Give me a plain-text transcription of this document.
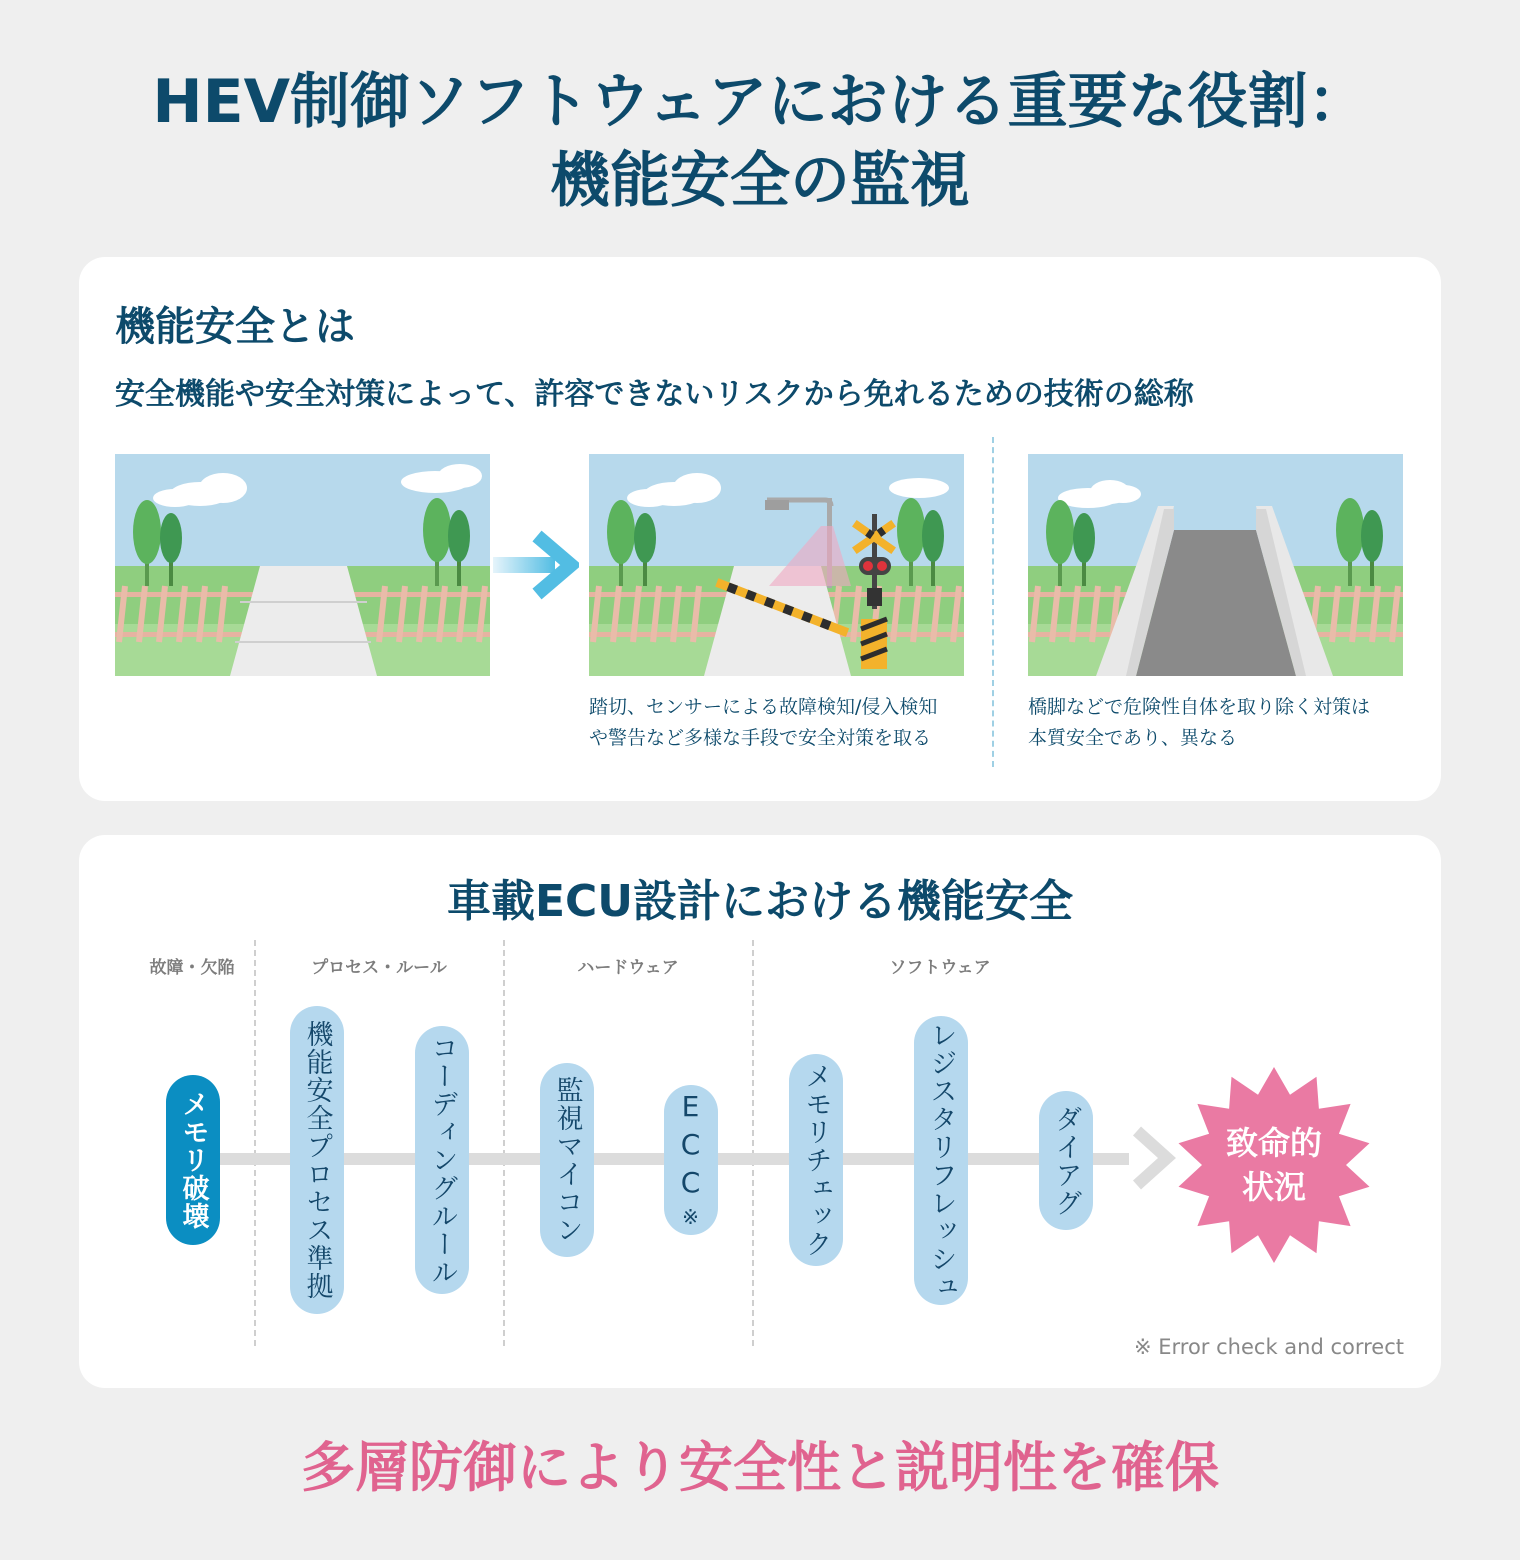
HEV制御ソフトウェアにおける重要な役割：
機能安全の監視
機能安全とは

安全機能や安全対策によって、許容できないリスクから免れるための技術の総称

踏切、センサーによる故障検知/侵入検知
や警告など多様な手段で安全対策を取る
橋脚などで危険性自体を取り除く対策は
本質安全であり、異なる
車載ECU設計における機能安全
故障・欠陥	プロセス・ルール	ハードウェア	ソフトウェア
メモリ破壊	機能安全プロセス準拠	コーディングルール	監視マイコン	E
C
C
※	メモリチェック	レジスタリフレッシュ	ダイアグ	致命的
状況

※ Error check and correct

多層防御により安全性と説明性を確保
